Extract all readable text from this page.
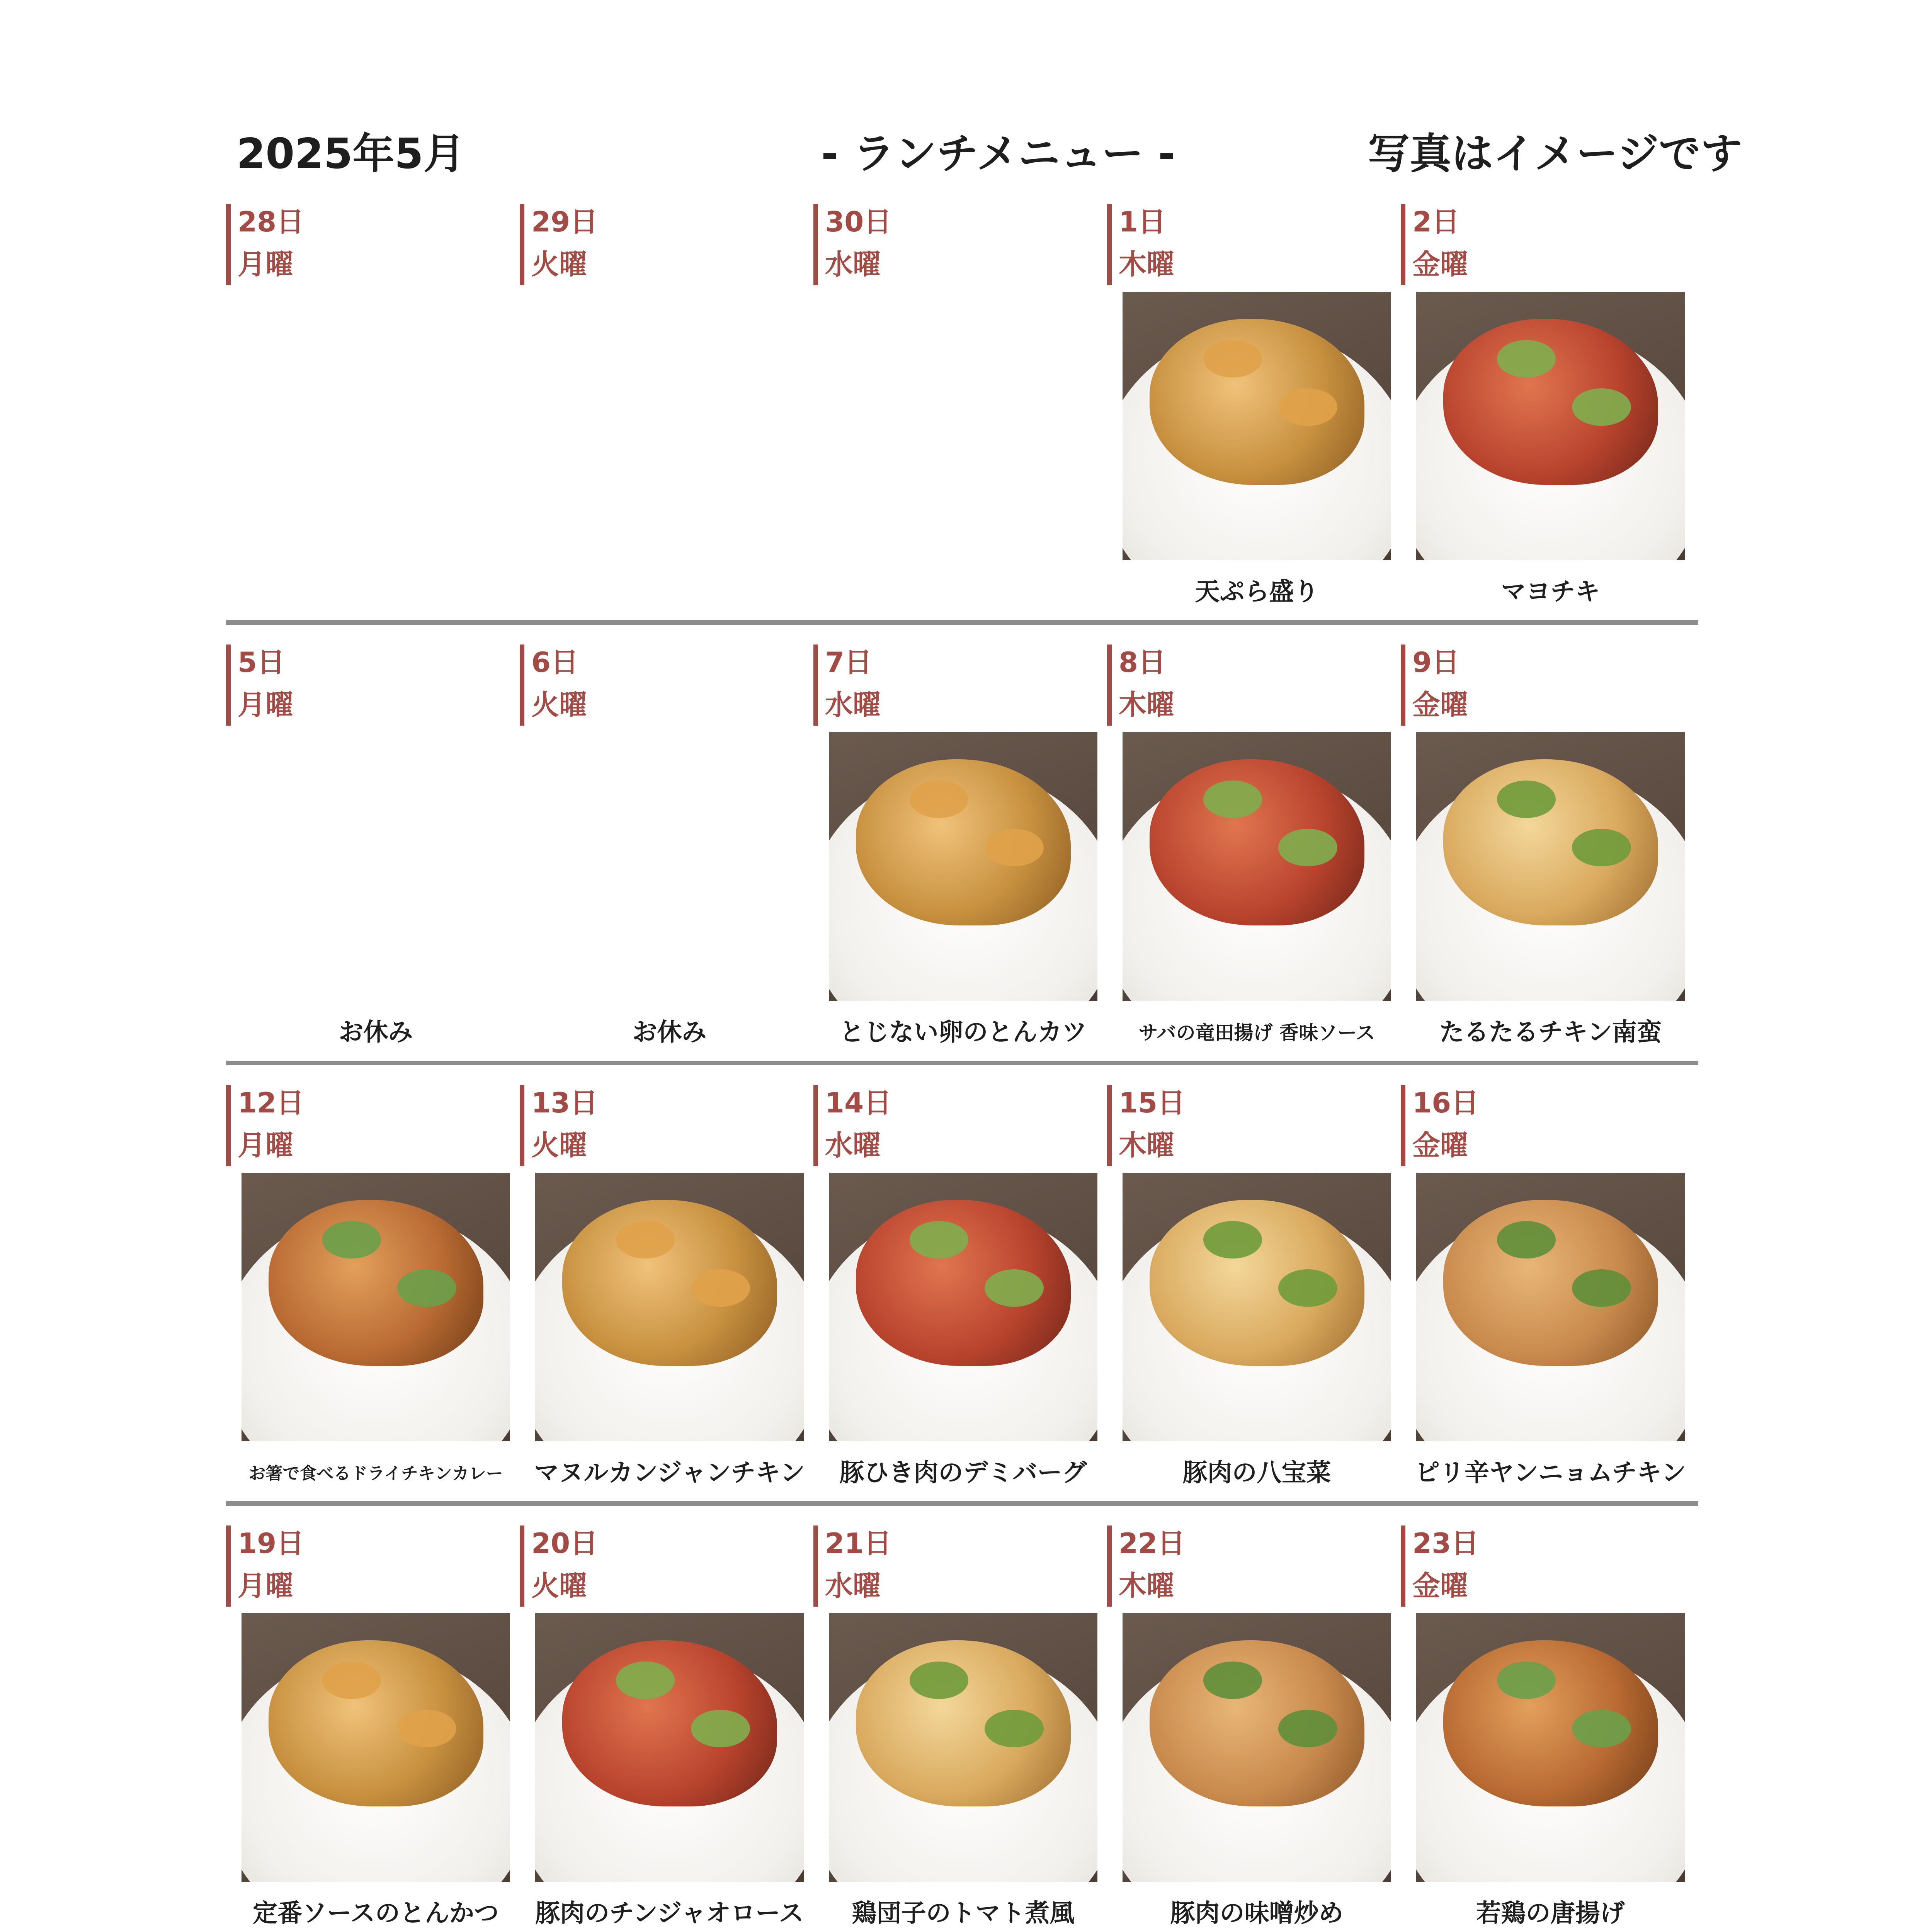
2025年5月	- ランチメニュー -	写真はイメージです
28日
月曜
29日
火曜
30日
水曜
1日
木曜
天ぷら盛り
2日
金曜
マヨチキ
5日
月曜
お休み
6日
火曜
お休み
7日
水曜
とじない卵のとんカツ
8日
木曜
サバの竜田揚げ 香味ソース
9日
金曜
たるたるチキン南蛮
12日
月曜
お箸で食べるドライチキンカレー
13日
火曜
マヌルカンジャンチキン
14日
水曜
豚ひき肉のデミバーグ
15日
木曜
豚肉の八宝菜
16日
金曜
ピリ辛ヤンニョムチキン
19日
月曜
定番ソースのとんかつ
20日
火曜
豚肉のチンジャオロース
21日
水曜
鶏団子のトマト煮風
22日
木曜
豚肉の味噌炒め
23日
金曜
若鶏の唐揚げ
